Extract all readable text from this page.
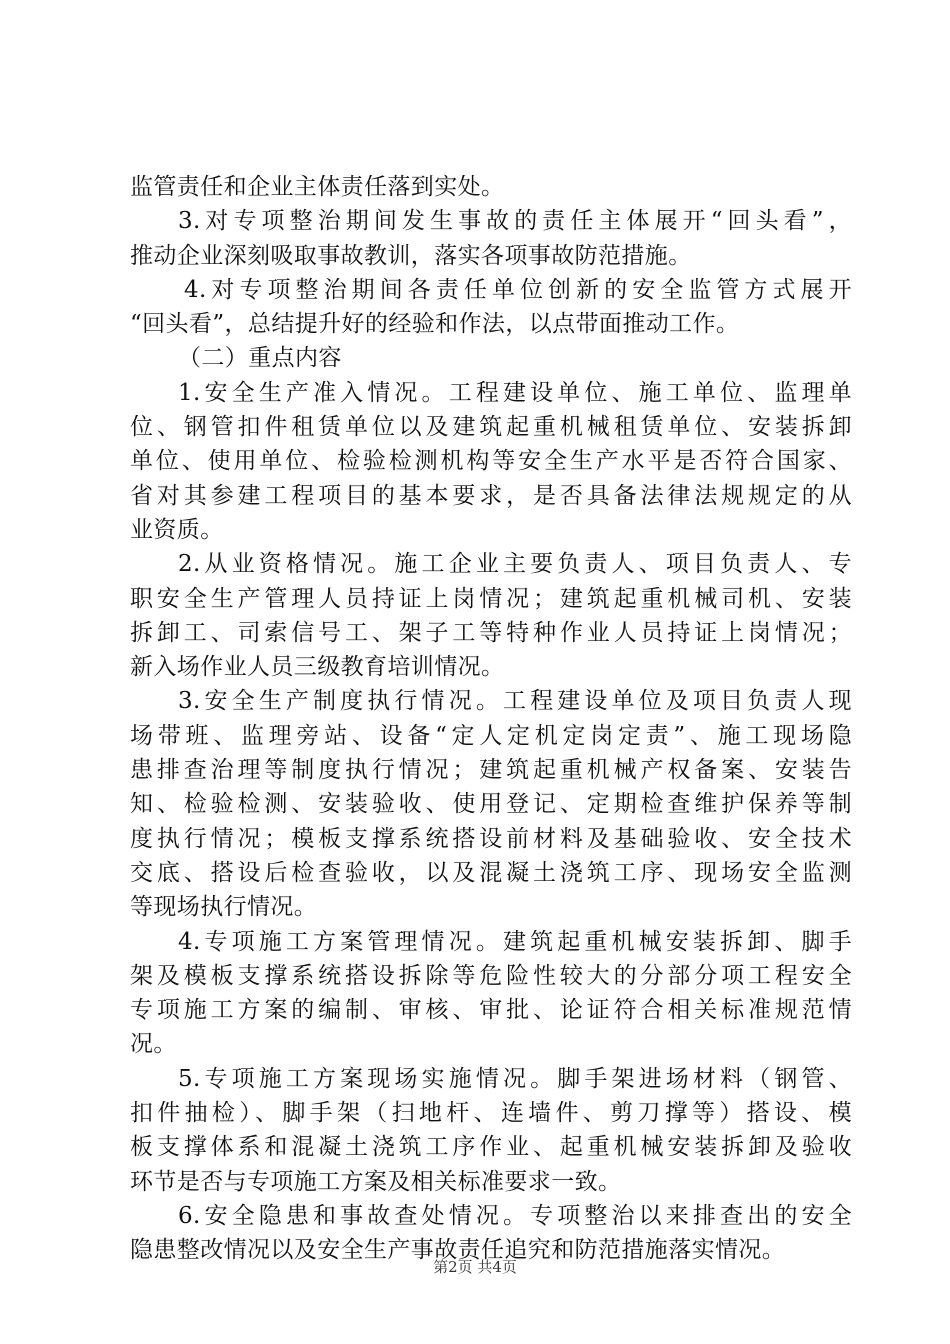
监管责任和企业主体责任落到实处。
3.对专项整治期间发生事故的责任主体展开“回头看”，
推动企业深刻吸取事故教训，落实各项事故防范措施。
4.对专项整治期间各责任单位创新的安全监管方式展开
“回头看”，总结提升好的经验和作法，以点带面推动工作。
（二）重点内容
1.安全生产准入情况。工程建设单位、施工单位、监理单
位、钢管扣件租赁单位以及建筑起重机械租赁单位、安装拆卸
单位、使用单位、检验检测机构等安全生产水平是否符合国家、
省对其参建工程项目的基本要求，是否具备法律法规规定的从
业资质。
2.从业资格情况。施工企业主要负责人、项目负责人、专
职安全生产管理人员持证上岗情况；建筑起重机械司机、安装
拆卸工、司索信号工、架子工等特种作业人员持证上岗情况；
新入场作业人员三级教育培训情况。
3.安全生产制度执行情况。工程建设单位及项目负责人现
场带班、监理旁站、设备“定人定机定岗定责”、施工现场隐
患排查治理等制度执行情况；建筑起重机械产权备案、安装告
知、检验检测、安装验收、使用登记、定期检查维护保养等制
度执行情况；模板支撑系统搭设前材料及基础验收、安全技术
交底、搭设后检查验收，以及混凝土浇筑工序、现场安全监测
等现场执行情况。
4.专项施工方案管理情况。建筑起重机械安装拆卸、脚手
架及模板支撑系统搭设拆除等危险性较大的分部分项工程安全
专项施工方案的编制、审核、审批、论证符合相关标准规范情
况。
5.专项施工方案现场实施情况。脚手架进场材料（钢管、
扣件抽检）、脚手架（扫地杆、连墙件、剪刀撑等）搭设、模
板支撑体系和混凝土浇筑工序作业、起重机械安装拆卸及验收
环节是否与专项施工方案及相关标准要求一致。
6.安全隐患和事故查处情况。专项整治以来排查出的安全
隐患整改情况以及安全生产事故责任追究和防范措施落实情况。
第2页 共4页
